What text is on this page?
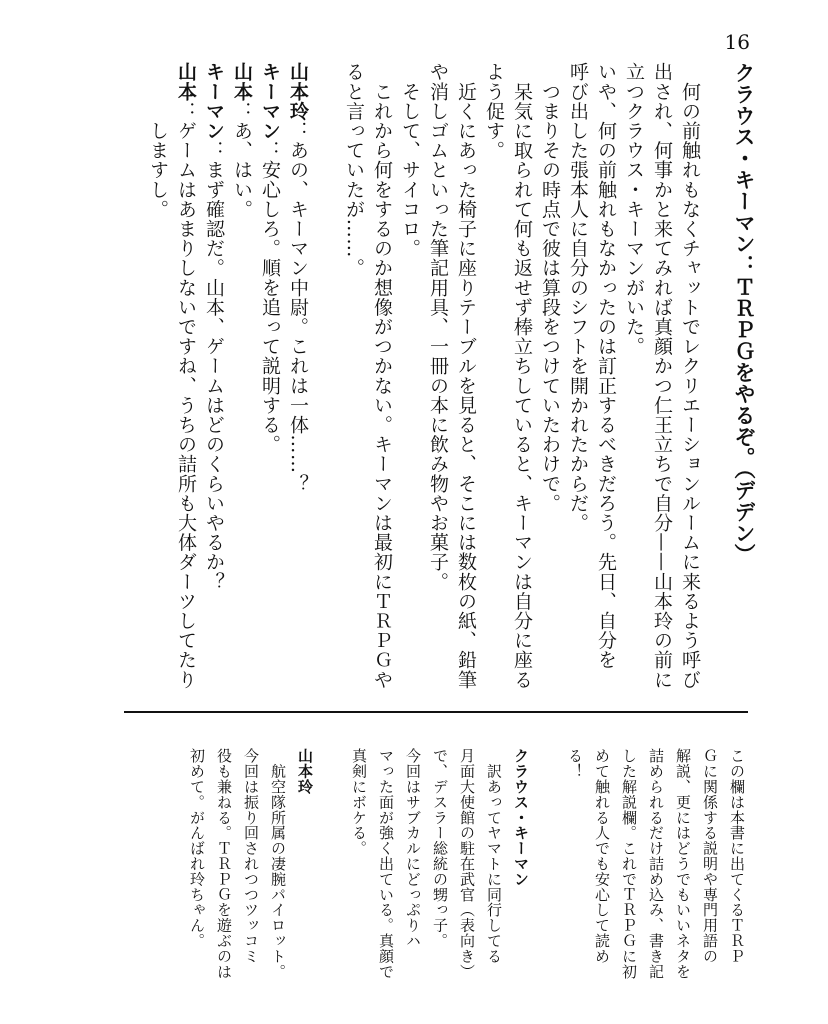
16

クラウス・キーマン：ＴＲＰＧをやるぞ。（デデン）

　何の前触れもなくチャットでレクリエーションルームに来るよう呼び

出され、何事かと来てみれば真顔かつ仁王立ちで自分——山本玲の前に

立つクラウス・キーマンがいた。

いや、何の前触れもなかったのは訂正するべきだろう。先日、自分を

呼び出した張本人に自分のシフトを開かれたからだ。

　つまりその時点で彼は算段をつけていたわけで。

　呆気に取られて何も返せず棒立ちしていると、キーマンは自分に座る

よう促す。

　近くにあった椅子に座りテーブルを見ると、そこには数枚の紙、鉛筆

や消しゴムといった筆記用具、一冊の本に飲み物やお菓子。

　そして、サイコロ。

　これから何をするのか想像がつかない。キーマンは最初にＴＲＰＧや

ると言っていたが……。

山本玲：あの、キーマン中尉。これは一体……？

キーマン：安心しろ。順を追って説明する。

山本：あ、はい。

キーマン：まず確認だ。山本、ゲームはどのくらいやるか？

山本：ゲームはあまりしないですね、うちの詰所も大体ダーツしてたり

　　　しますし。

この欄は本書に出てくるＴＲＰ

Ｇに関係する説明や専門用語の

解説、更にはどうでもいいネタを

詰められるだけ詰め込み、書き記

した解説欄。これでＴＲＰＧに初

めて触れる人でも安心して読め

る！

クラウス・キーマン

　訳あってヤマトに同行してる

月面大使館の駐在武官（表向き）

で、デスラー総統の甥っ子。

今回はサブカルにどっぷりハ

マった面が強く出ている。真顔で

真剣にボケる。

山本玲

　航空隊所属の凄腕パイロット。

今回は振り回されつつツッコミ

役も兼ねる。ＴＲＰＧを遊ぶのは

初めて。がんばれ玲ちゃん。
